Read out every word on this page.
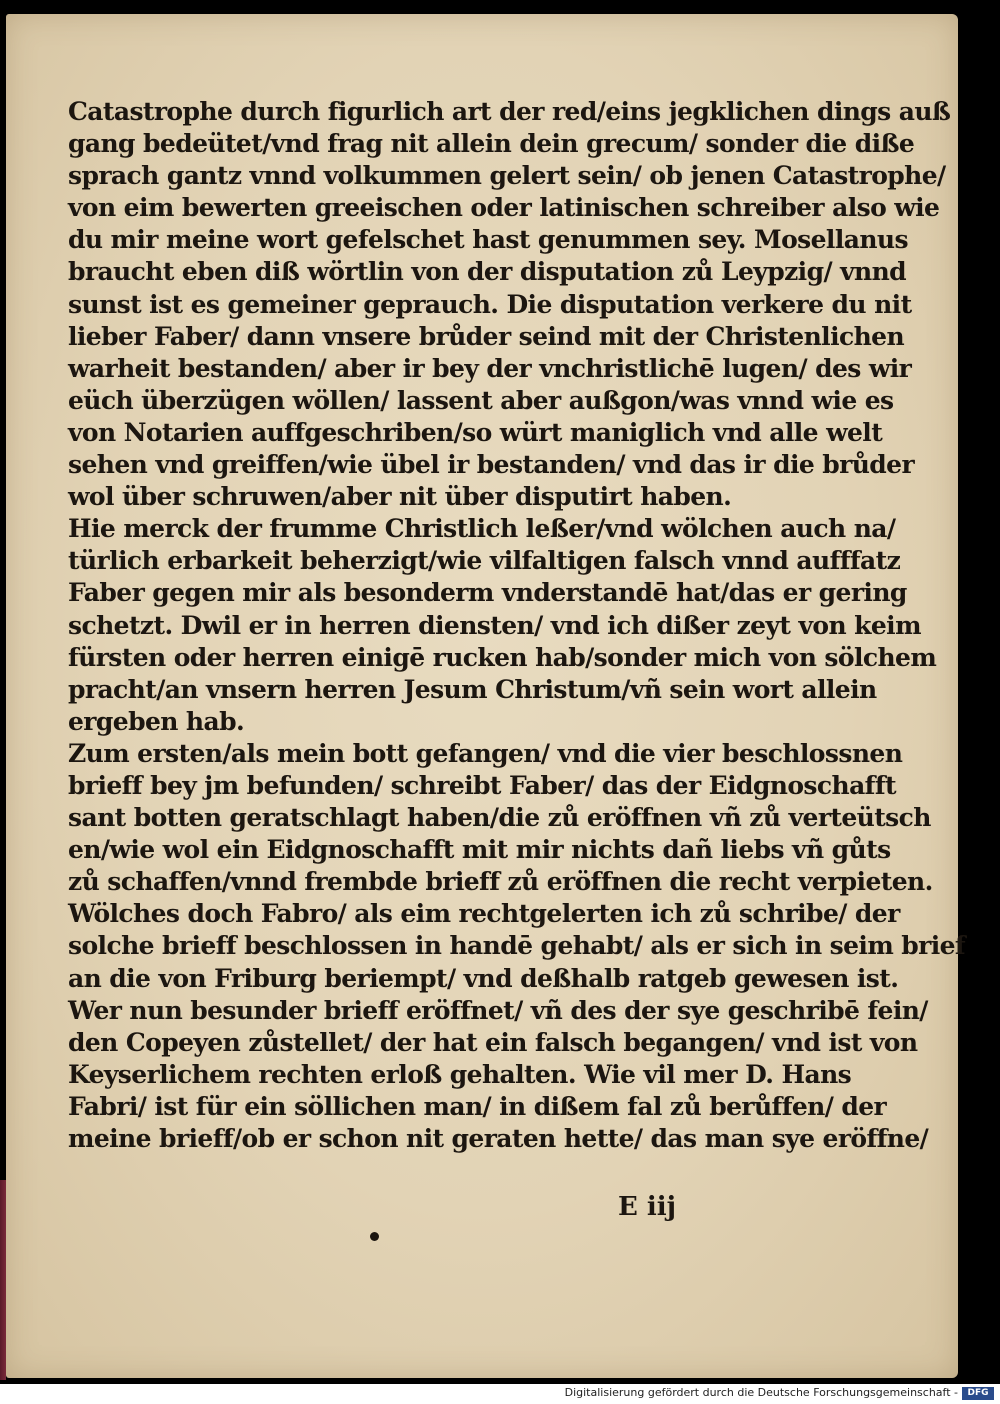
Catastrophe durch figurlich art der red/eins jegklichen dings auß
gang bedeütet/vnd frag nit allein dein grecum/ sonder die diße
sprach gantz vnnd volkummen gelert sein/ ob jenen Catastrophe/
von eim bewerten greeischen oder latinischen schreiber also wie
du mir meine wort gefelschet hast genummen sey. Mosellanus
braucht eben diß wörtlin von der disputation zů Leypzig/ vnnd
sunst ist es gemeiner geprauch. Die disputation verkere du nit
lieber Faber/ dann vnsere brůder seind mit der Christenlichen
warheit bestanden/ aber ir bey der vnchristlichē lugen/ des wir
eüch überzügen wöllen/ lassent aber außgon/was vnnd wie es
von Notarien auffgeschriben/so würt maniglich vnd alle welt
sehen vnd greiffen/wie übel ir bestanden/ vnd das ir die brůder
wol über schruwen/aber nit über disputirt haben.
Hie merck der frumme Christlich leßer/vnd wölchen auch na/
türlich erbarkeit beherzigt/wie vilfaltigen falsch vnnd aufffatz
Faber gegen mir als besonderm vnderstandē hat/das er gering
schetzt. Dwil er in herren diensten/ vnd ich dißer zeyt von keim
fürsten oder herren einigē rucken hab/sonder mich von sölchem
pracht/an vnsern herren Jesum Christum/vñ sein wort allein
ergeben hab.
Zum ersten/als mein bott gefangen/ vnd die vier beschlossnen
brieff bey jm befunden/ schreibt Faber/ das der Eidgnoschafft
sant botten geratschlagt haben/die zů eröffnen vñ zů verteütsch
en/wie wol ein Eidgnoschafft mit mir nichts dañ liebs vñ gůts
zů schaffen/vnnd frembde brieff zů eröffnen die recht verpieten.
Wölches doch Fabro/ als eim rechtgelerten ich zů schribe/ der
solche brieff beschlossen in handē gehabt/ als er sich in seim brief
an die von Friburg beriempt/ vnd deßhalb ratgeb gewesen ist.
Wer nun besunder brieff eröffnet/ vñ des der sye geschribē fein/
den Copeyen zůstellet/ der hat ein falsch begangen/ vnd ist von
Keyserlichem rechten erloß gehalten. Wie vil mer D. Hans
Fabri/ ist für ein söllichen man/ in dißem fal zů berůffen/ der
meine brieff/ob er schon nit geraten hette/ das man sye eröffne/
E iij
Digitalisierung gefördert durch die Deutsche Forschungsgemeinschaft -	DFG
